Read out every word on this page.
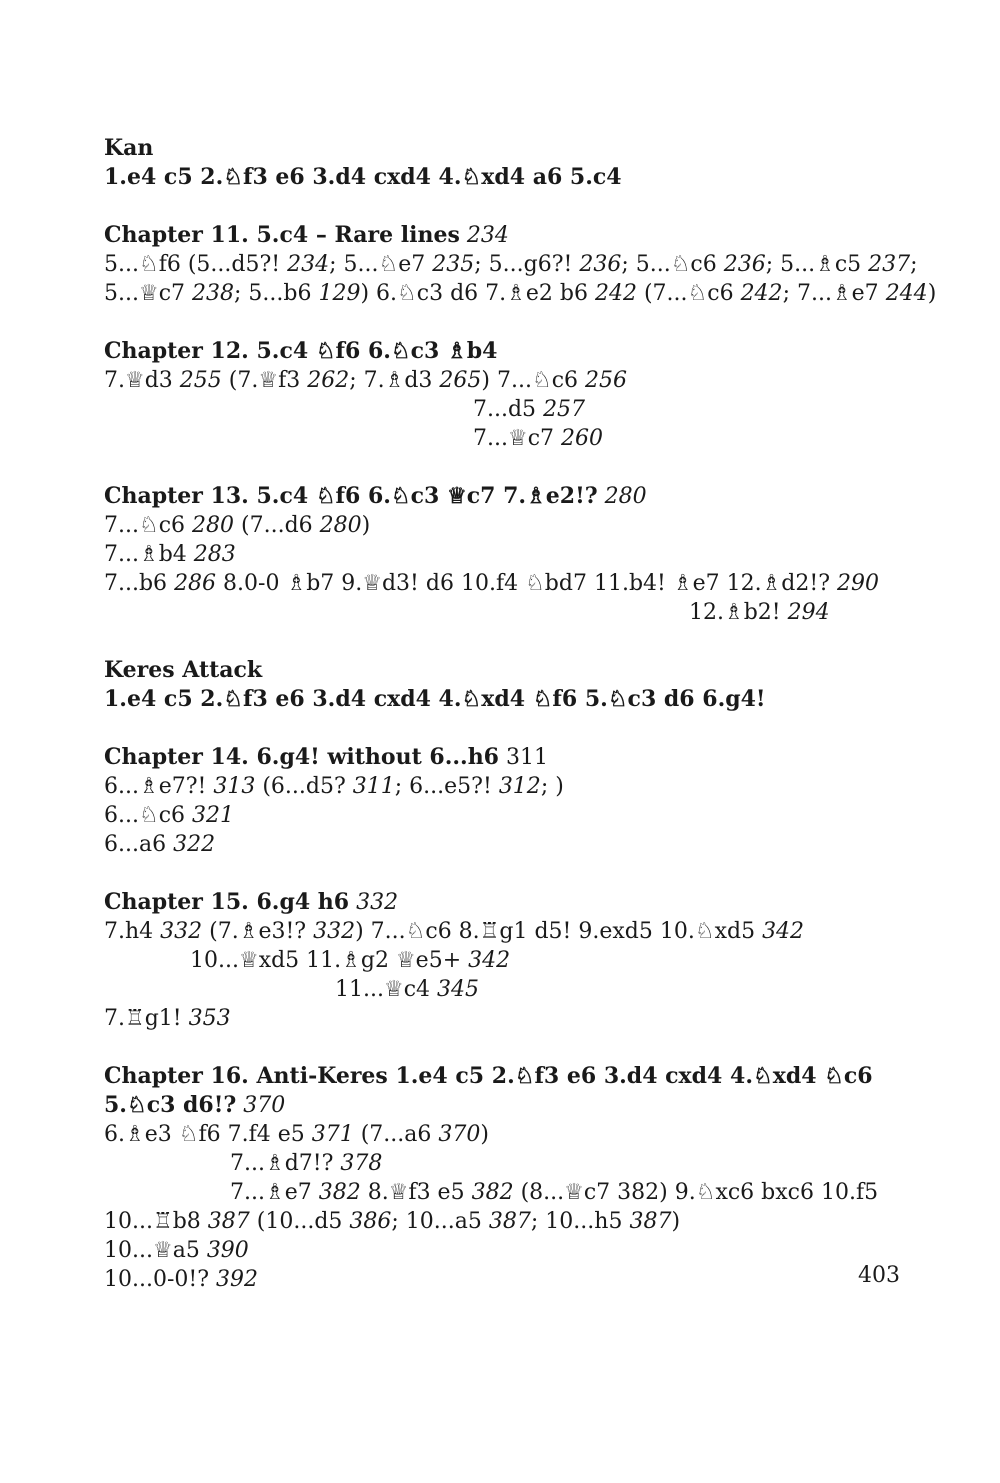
Kan
1.e4 c5 2.♘f3 e6 3.d4 cxd4 4.♘xd4 a6 5.c4
Chapter 11. 5.c4 – Rare lines 234
5...♘f6 (5...d5?! 234; 5...♘e7 235; 5...g6?! 236; 5...♘c6 236; 5...♗c5 237;
5...♕c7 238; 5...b6 129) 6.♘c3 d6 7.♗e2 b6 242 (7...♘c6 242; 7...♗e7 244)
Chapter 12. 5.c4 ♘f6 6.♘c3 ♗b4
7.♕d3 255 (7.♕f3 262; 7.♗d3 265) 7...♘c6 256
7...d5 257
7...♕c7 260
Chapter 13. 5.c4 ♘f6 6.♘c3 ♕c7 7.♗e2!? 280
7...♘c6 280 (7...d6 280)
7...♗b4 283
7...b6 286 8.0-0 ♗b7 9.♕d3! d6 10.f4 ♘bd7 11.b4! ♗e7 12.♗d2!? 290
12.♗b2! 294
Keres Attack
1.e4 c5 2.♘f3 e6 3.d4 cxd4 4.♘xd4 ♘f6 5.♘c3 d6 6.g4!
Chapter 14. 6.g4! without 6...h6 311
6...♗e7?! 313 (6...d5? 311; 6...e5?! 312; )
6...♘c6 321
6...a6 322
Chapter 15. 6.g4 h6 332
7.h4 332 (7.♗e3!? 332) 7...♘c6 8.♖g1 d5! 9.exd5 10.♘xd5 342
10...♕xd5 11.♗g2 ♕e5+ 342
11...♕c4 345
7.♖g1! 353
Chapter 16. Anti-Keres 1.e4 c5 2.♘f3 e6 3.d4 cxd4 4.♘xd4 ♘c6
5.♘c3 d6!? 370
6.♗e3 ♘f6 7.f4 e5 371 (7...a6 370)
7...♗d7!? 378
7...♗e7 382 8.♕f3 e5 382 (8...♕c7 382) 9.♘xc6 bxc6 10.f5
10...♖b8 387 (10...d5 386; 10...a5 387; 10...h5 387)
10...♕a5 390
10...0-0!? 392	403
